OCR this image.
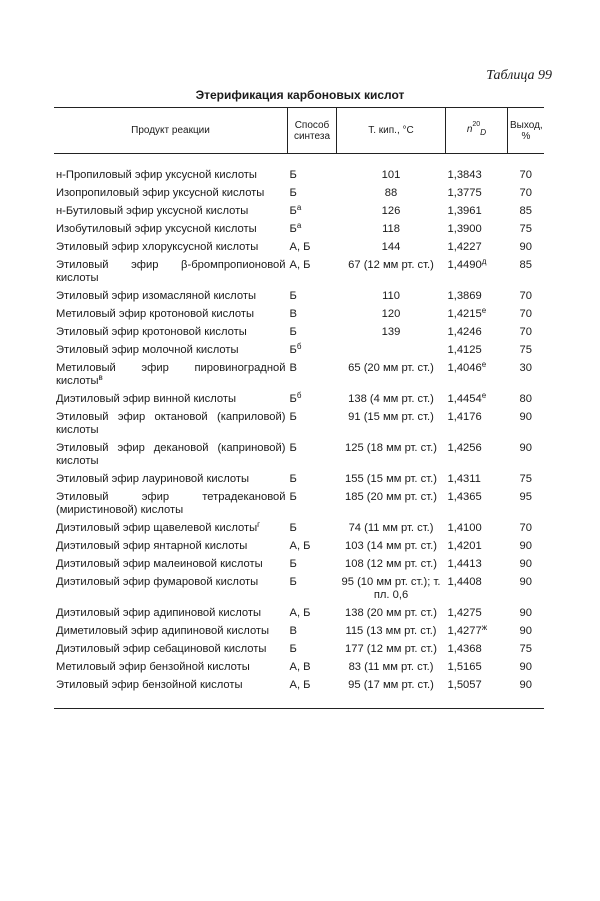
Таблица 99
Этерификация карбоновых кислот
Продукт реакции	Способ синтеза	Т. кип., °С	$n^{20}_D$	Выход, %
н-Пропиловый эфир уксусной кислоты	Б	101	1,3843	70
Изопропиловый эфир уксусной кислоты	Б	88	1,3775	70
н-Бутиловый эфир уксусной кислоты	$Б^а$	126	1,3961	85
Изобутиловый эфир уксусной кислоты	$Б^а$	118	1,3900	75
Этиловый эфир хлоруксусной кислоты	А, Б	144	1,4227	90
Этиловый эфир β-бромпропионовой кислоты	А, Б	67 (12 мм рт. ст.)	$1,4490^д$	85
Этиловый эфир изомасляной кислоты	Б	110	1,3869	70
Метиловый эфир кротоновой кислоты	В	120	$1,4215^е$	70
Этиловый эфир кротоновой кислоты	Б	139	1,4246	70
Этиловый эфир молочной кислоты	$Б^б$		1,4125	75
Метиловый эфир пировиноградной кислоты$^в$	В	65 (20 мм рт. ст.)	$1,4046^е$	30
Диэтиловый эфир винной кислоты	$Б^б$	138 (4 мм рт. ст.)	$1,4454^е$	80
Этиловый эфир октановой (каприловой) кислоты	Б	91 (15 мм рт. ст.)	1,4176	90
Этиловый эфир декановой (каприновой) кислоты	Б	125 (18 мм рт. ст.)	1,4256	90
Этиловый эфир лауриновой кислоты	Б	155 (15 мм рт. ст.)	1,4311	75
Этиловый эфир тетрадекановой (миристиновой) кислоты	Б	185 (20 мм рт. ст.)	1,4365	95
Диэтиловый эфир щавелевой кислоты$^г$	Б	74 (11 мм рт. ст.)	1,4100	70
Диэтиловый эфир янтарной кислоты	А, Б	103 (14 мм рт. ст.)	1,4201	90
Диэтиловый эфир малеиновой кислоты	Б	108 (12 мм рт. ст.)	1,4413	90
Диэтиловый эфир фумаровой кислоты	Б	95 (10 мм рт. ст.); т. пл. 0,6	1,4408	90
Диэтиловый эфир адипиновой кислоты	А, Б	138 (20 мм рт. ст.)	1,4275	90
Диметиловый эфир адипиновой кислоты	В	115 (13 мм рт. ст.)	$1,4277^ж$	90
Диэтиловый эфир себациновой кислоты	Б	177 (12 мм рт. ст.)	1,4368	75
Метиловый эфир бензойной кислоты	А, В	83 (11 мм рт. ст.)	1,5165	90
Этиловый эфир бензойной кислоты	А, Б	95 (17 мм рт. ст.)	1,5057	90
